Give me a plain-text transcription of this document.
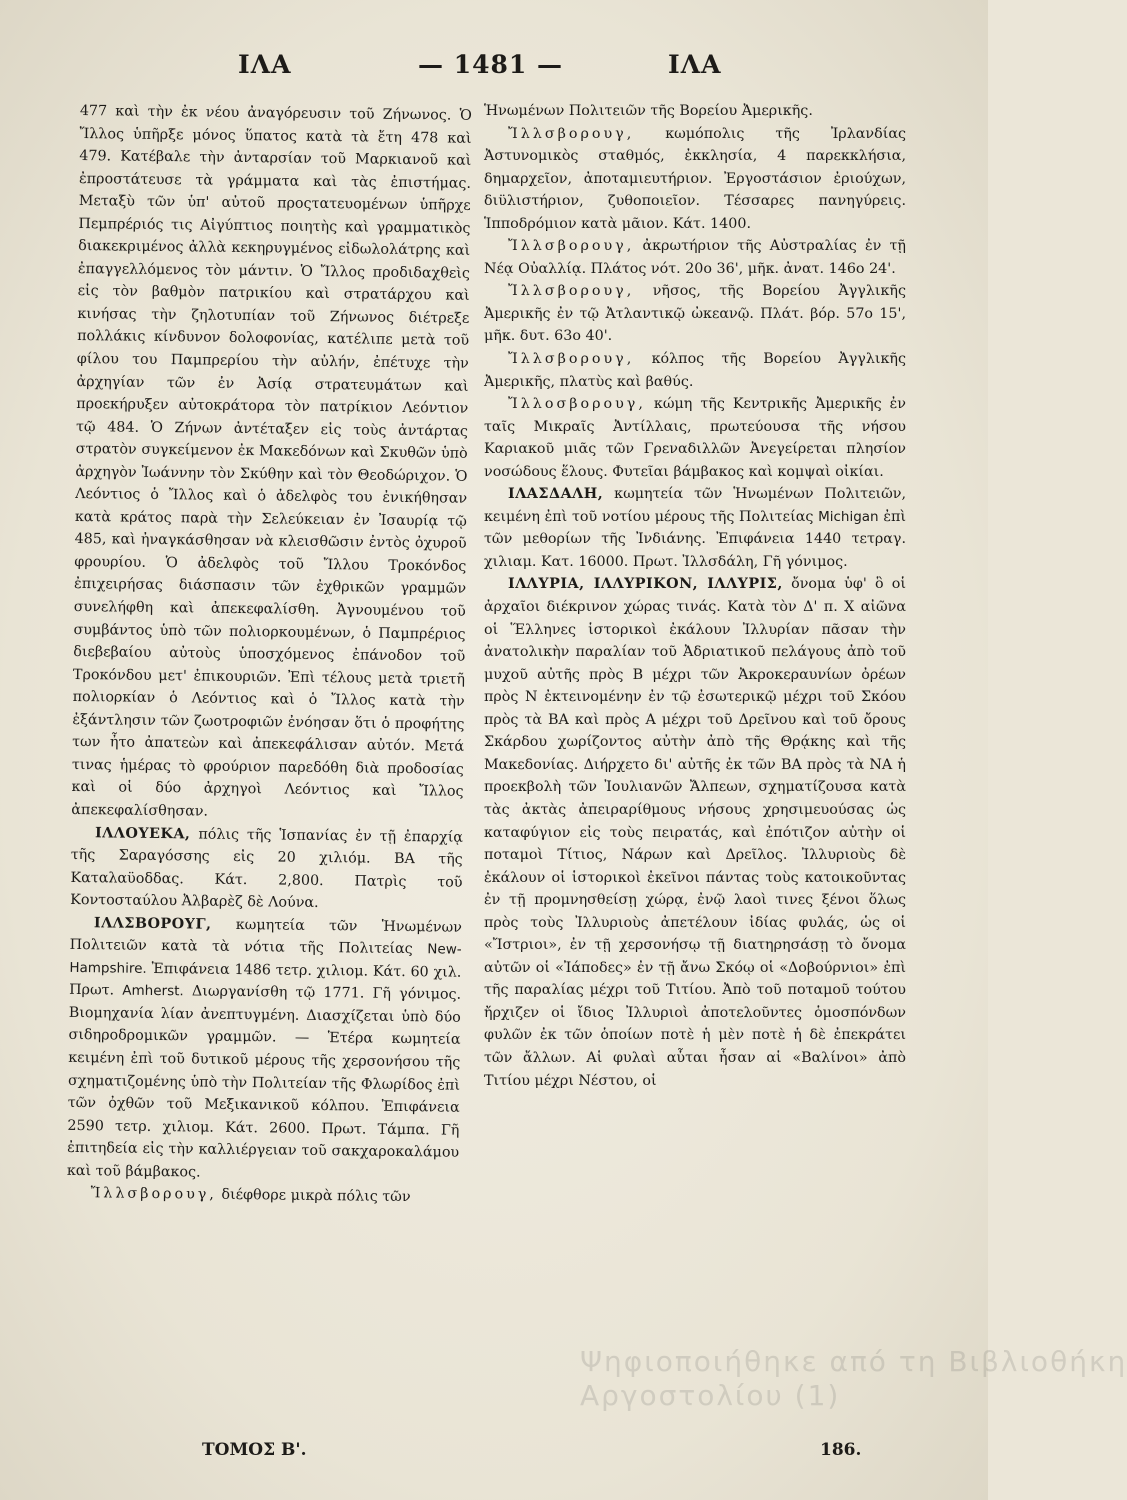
ΙΛΑ	— 1481 —	ΙΛΑ

477 καὶ τὴν ἐκ νέου ἀναγόρευσιν τοῦ Ζήνωνος. Ὁ Ἴλλος ὑπῆρξε μόνος ὕπατος κατὰ τὰ ἔτη 478 καὶ 479. Κατέβαλε τὴν ἀνταρσίαν τοῦ Μαρκιανοῦ καὶ ἐπροστάτευσε τὰ γράμματα καὶ τὰς ἐπιστήμας. Μεταξὺ τῶν ὑπ' αὐτοῦ προςτατευομένων ὑπῆρχε Πεμπρέριός τις Αἰγύπτιος ποιητὴς καὶ γραμματικὸς διακεκριμένος ἀλλὰ κεκηρυγμένος εἰδωλολάτρης καὶ ἐπαγγελλόμενος τὸν μάντιν. Ὁ Ἴλλος προδιδαχθεὶς εἰς τὸν βαθμὸν πατρικίου καὶ στρατάρχου καὶ κινήσας τὴν ζηλοτυπίαν τοῦ Ζήνωνος διέτρεξε πολλάκις κίνδυνον δολοφονίας, κατέλιπε μετὰ τοῦ φίλου του Παμπρερίου τὴν αὐλήν, ἐπέτυχε τὴν ἀρχηγίαν τῶν ἐν Ἀσίᾳ στρατευμάτων καὶ προεκήρυξεν αὐτοκράτορα τὸν πατρίκιον Λεόντιον τῷ 484. Ὁ Ζήνων ἀντέταξεν εἰς τοὺς ἀντάρτας στρατὸν συγκείμενον ἐκ Μακεδόνων καὶ Σκυθῶν ὑπὸ ἀρχηγὸν Ἰωάννην τὸν Σκύθην καὶ τὸν Θεοδώριχον. Ὁ Λεόντιος ὁ Ἴλλος καὶ ὁ ἀδελφὸς του ἐνικήθησαν κατὰ κράτος παρὰ τὴν Σελεύκειαν ἐν Ἰσαυρίᾳ τῷ 485, καὶ ἠναγκάσθησαν νὰ κλεισθῶσιν ἐντὸς ὀχυροῦ φρουρίου. Ὁ ἀδελφὸς τοῦ Ἴλλου Τροκόνδος ἐπιχειρήσας διάσπασιν τῶν ἐχθρικῶν γραμμῶν συνελήφθη καὶ ἀπεκεφαλίσθη. Ἀγνουμένου τοῦ συμβάντος ὑπὸ τῶν πολιορκουμένων, ὁ Παμπρέριος διεβεβαίου αὐτοὺς ὑποσχόμενος ἐπάνοδον τοῦ Τροκόνδου μετ' ἐπικουριῶν. Ἐπὶ τέλους μετὰ τριετῆ πολιορκίαν ὁ Λεόντιος καὶ ὁ Ἴλλος κατὰ τὴν ἐξάντλησιν τῶν ζωοτροφιῶν ἐνόησαν ὅτι ὁ προφήτης των ἦτο ἀπατεὼν καὶ ἀπεκεφάλισαν αὐτόν. Μετά τινας ἡμέρας τὸ φρούριον παρεδόθη διὰ προδοσίας καὶ οἱ δύο ἀρχηγοὶ Λεόντιος καὶ Ἴλλος ἀπεκεφαλίσθησαν.

ΙΛΛΟΥΕΚΑ, πόλις τῆς Ἱσπανίας ἐν τῇ ἐπαρχίᾳ τῆς Σαραγόσσης εἰς 20 χιλιόμ. ΒΑ τῆς Καταλαϋοδδας. Κάτ. 2,800. Πατρὶς τοῦ Κοντοσταύλου Ἀλβαρὲζ δὲ Λούνα.

ΙΛΛΣΒΟΡΟΥΓ, κωμητεία τῶν Ἡνωμένων Πολιτειῶν κατὰ τὰ νότια τῆς Πολιτείας New-Hampshire. Ἐπιφάνεια 1486 τετρ. χιλιομ. Κάτ. 60 χιλ. Πρωτ. Amherst. Διωργανίσθη τῷ 1771. Γῆ γόνιμος. Βιομηχανία λίαν ἀνεπτυγμένη. Διασχίζεται ὑπὸ δύο σιδηροδρομικῶν γραμμῶν. — Ἑτέρα κωμητεία κειμένη ἐπὶ τοῦ δυτικοῦ μέρους τῆς χερσονήσου τῆς σχηματιζομένης ὑπὸ τὴν Πολιτείαν τῆς Φλωρίδος ἐπὶ τῶν ὀχθῶν τοῦ Μεξικανικοῦ κόλπου. Ἐπιφάνεια 2590 τετρ. χιλιομ. Κάτ. 2600. Πρωτ. Τάμπα. Γῆ ἐπιτηδεία εἰς τὴν καλλιέργειαν τοῦ σακχαροκαλάμου καὶ τοῦ βάμβακος.

Ἴλλσβορουγ, διέφθορε μικρὰ πόλις τῶν

Ἡνωμένων Πολιτειῶν τῆς Βορείου Ἀμερικῆς.

Ἴλλσβορουγ, κωμόπολις τῆς Ἰρλανδίας Ἀστυνομικὸς σταθμός, ἐκκλησία, 4 παρεκκλήσια, δημαρχεῖον, ἀποταμιευτήριον. Ἐργοστάσιον ἐριούχων, διϋλιστήριον, ζυθοποιεῖον. Τέσσαρες πανηγύρεις. Ἱπποδρόμιον κατὰ μᾶιον. Κάτ. 1400.

Ἴλλσβορουγ, ἀκρωτήριον τῆς Αὐστραλίας ἐν τῇ Νέᾳ Οὐαλλίᾳ. Πλάτος νότ. 20ο 36', μῆκ. ἀνατ. 146ο 24'.

Ἴλλσβορουγ, νῆσος, τῆς Βορείου Ἀγγλικῆς Ἀμερικῆς ἐν τῷ Ἀτλαντικῷ ὠκεανῷ. Πλάτ. βόρ. 57ο 15', μῆκ. δυτ. 63ο 40'.

Ἴλλσβορουγ, κόλπος τῆς Βορείου Ἀγγλικῆς Ἀμερικῆς, πλατὺς καὶ βαθύς.

Ἴλλοσβορουγ, κώμη τῆς Κεντρικῆς Ἀμερικῆς ἐν ταῖς Μικραῖς Ἀντίλλαις, πρωτεύουσα τῆς νήσου Καριακοῦ μιᾶς τῶν Γρεναδιλλῶν Ἀνεγείρεται πλησίον νοσώδους ἕλους. Φυτεῖαι βάμβακος καὶ κομψαὶ οἰκίαι.

ΙΛΑΣΔΑΛΗ, κωμητεία τῶν Ἡνωμένων Πολιτειῶν, κειμένη ἐπὶ τοῦ νοτίου μέρους τῆς Πολιτείας Michigan ἐπὶ τῶν μεθορίων τῆς Ἰνδιάνης. Ἐπιφάνεια 1440 τετραγ. χιλιαμ. Κατ. 16000. Πρωτ. Ἰλλσδάλη, Γῆ γόνιμος.

ΙΛΛΥΡΙΑ, ΙΛΛΥΡΙΚΟΝ, ΙΛΛΥΡΙΣ, ὄνομα ὑφ' ὃ οἱ ἀρχαῖοι διέκρινον χώρας τινάς. Κατὰ τὸν Δ' π. Χ αἰῶνα οἱ Ἕλληνες ἱστορικοὶ ἐκάλουν Ἰλλυρίαν πᾶσαν τὴν ἀνατολικὴν παραλίαν τοῦ Ἀδριατικοῦ πελάγους ἀπὸ τοῦ μυχοῦ αὐτῆς πρὸς Β μέχρι τῶν Ἀκροκεραυνίων ὀρέων πρὸς Ν ἐκτεινομένην ἐν τῷ ἐσωτερικῷ μέχρι τοῦ Σκόου πρὸς τὰ ΒΑ καὶ πρὸς Α μέχρι τοῦ Δρεῖνου καὶ τοῦ ὄρους Σκάρδου χωρίζοντος αὐτὴν ἀπὸ τῆς Θρᾴκης καὶ τῆς Μακεδονίας. Διήρχετο δι' αὐτῆς ἐκ τῶν ΒΑ πρὸς τὰ ΝΑ ἡ προεκβολὴ τῶν Ἰουλιανῶν Ἄλπεων, σχηματίζουσα κατὰ τὰς ἀκτὰς ἀπειραρίθμους νήσους χρησιμευούσας ὡς καταφύγιον εἰς τοὺς πειρατάς, καὶ ἐπότιζον αὐτὴν οἱ ποταμοὶ Τίτιος, Νάρων καὶ Δρεῖλος. Ἰλλυριοὺς δὲ ἐκάλουν οἱ ἱστορικοὶ ἐκεῖνοι πάντας τοὺς κατοικοῦντας ἐν τῇ προμνησθείσῃ χώρᾳ, ἐνῷ λαοὶ τινες ξένοι ὅλως πρὸς τοὺς Ἰλλυριοὺς ἀπετέλουν ἰδίας φυλάς, ὡς οἱ «Ἴστριοι», ἐν τῇ χερσονήσῳ τῇ διατηρησάσῃ τὸ ὄνομα αὐτῶν οἱ «Ἰάποδες» ἐν τῇ ἄνω Σκόῳ οἱ «Δοβούρνιοι» ἐπὶ τῆς παραλίας μέχρι τοῦ Τιτίου. Ἀπὸ τοῦ ποταμοῦ τούτου ἤρχιζεν οἱ ἴδιος Ἰλλυριοὶ ἀποτελοῦντες ὁμοσπόνδων φυλῶν ἐκ τῶν ὁποίων ποτὲ ἡ μὲν ποτὲ ἡ δὲ ἐπεκράτει τῶν ἄλλων. Αἱ φυλαὶ αὗται ἦσαν αἱ «Βαλίνοι» ἀπὸ Τιτίου μέχρι Νέστου, οἱ

ΤΟΜΟΣ Β'.	186.
Ψηφιοποιήθηκε από τη Βιβλιοθήκη
Αργοστολίου (1)
